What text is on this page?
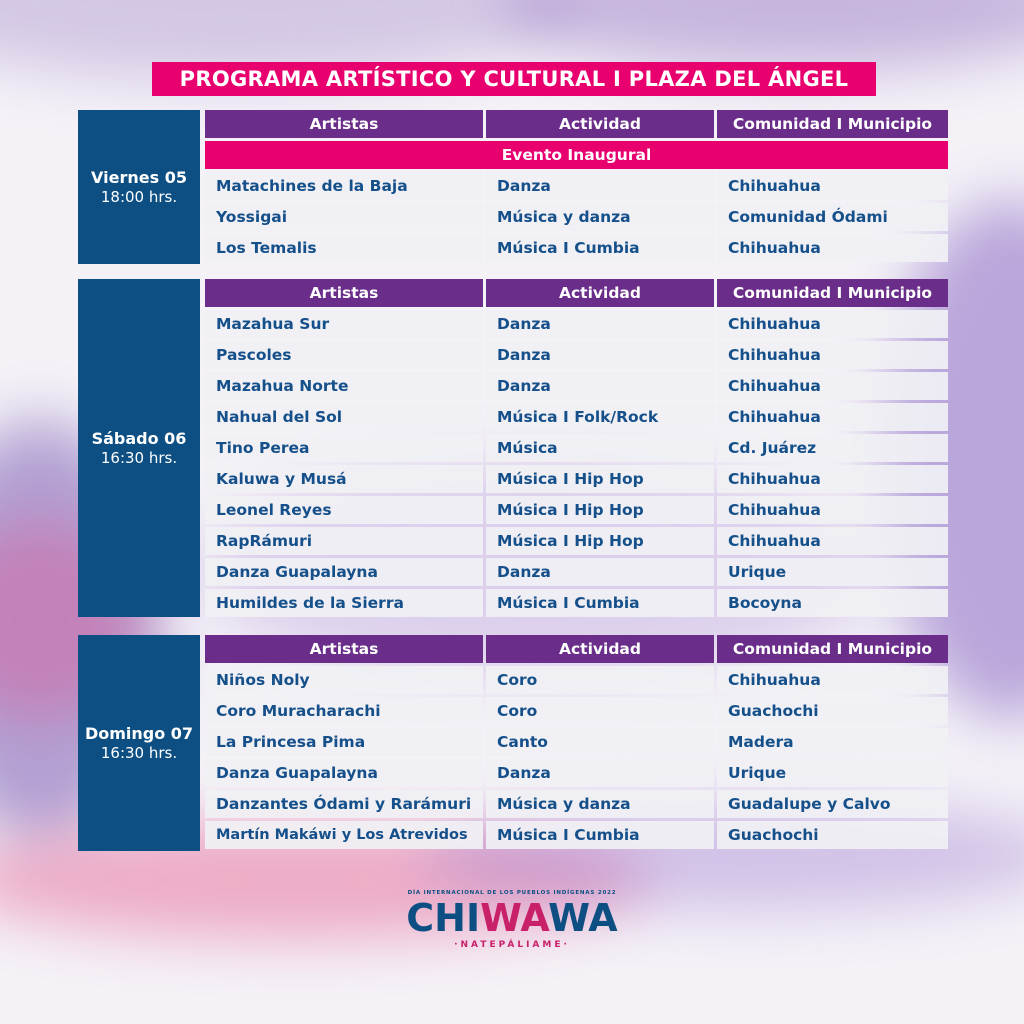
PROGRAMA ARTÍSTICO Y CULTURAL I PLAZA DEL ÁNGEL
Viernes 05
18:00 hrs.
Artistas	Actividad	Comunidad I Municipio
Evento Inaugural
Matachines de la Baja	Danza	Chihuahua
Yossigai	Música y danza	Comunidad Ódami
Los Temalis	Música I Cumbia	Chihuahua
Sábado 06
16:30 hrs.
Artistas	Actividad	Comunidad I Municipio
Mazahua Sur	Danza	Chihuahua
Pascoles	Danza	Chihuahua
Mazahua Norte	Danza	Chihuahua
Nahual del Sol	Música I Folk/Rock	Chihuahua
Tino Perea	Música	Cd. Juárez
Kaluwa y Musá	Música I Hip Hop	Chihuahua
Leonel Reyes	Música I Hip Hop	Chihuahua
RapRámuri	Música I Hip Hop	Chihuahua
Danza Guapalayna	Danza	Urique
Humildes de la Sierra	Música I Cumbia	Bocoyna
Domingo 07
16:30 hrs.
Artistas	Actividad	Comunidad I Municipio
Niños Noly	Coro	Chihuahua
Coro Muracharachi	Coro	Guachochi
La Princesa Pima	Canto	Madera
Danza Guapalayna	Danza	Urique
Danzantes Ódami y Rarámuri	Música y danza	Guadalupe y Calvo
Martín Makáwi y Los Atrevidos	Música I Cumbia	Guachochi
DÍA INTERNACIONAL DE LOS PUEBLOS INDÍGENAS 2022
CHIWAWA
·NATEPÁLIAME·
